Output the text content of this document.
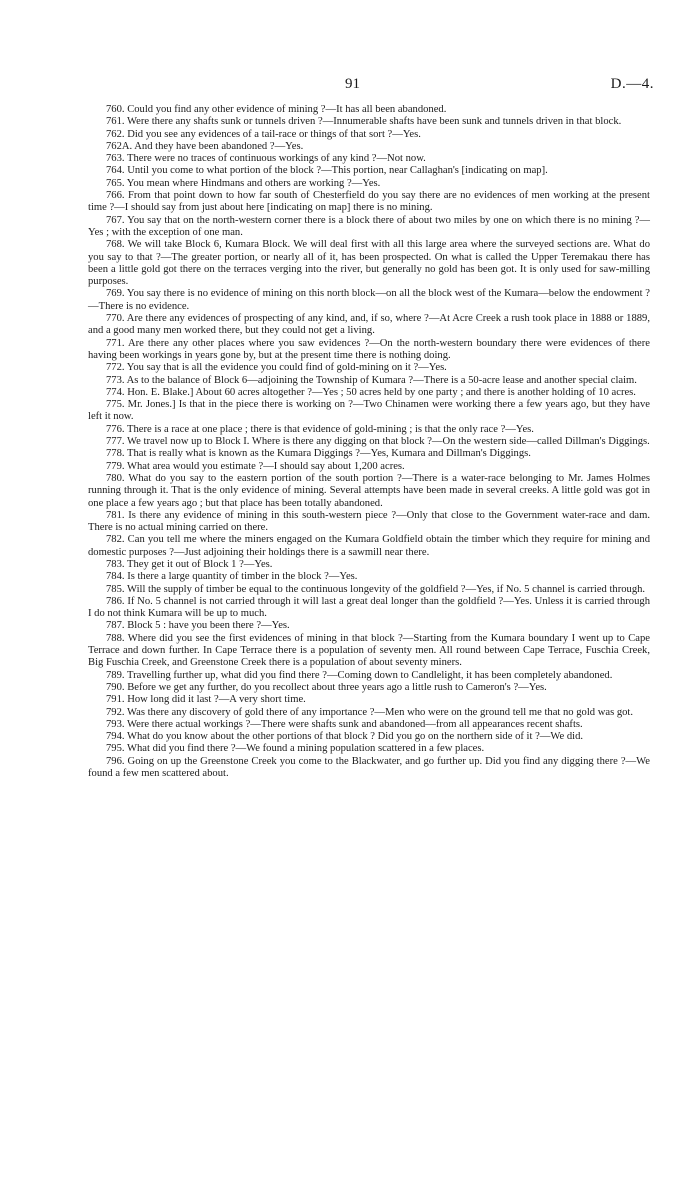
91	D.—4.

760. Could you find any other evidence of mining ?—It has all been abandoned.

761. Were there any shafts sunk or tunnels driven ?—Innumerable shafts have been sunk and tunnels driven in that block.

762. Did you see any evidences of a tail-race or things of that sort ?—Yes.

762A. And they have been abandoned ?—Yes.

763. There were no traces of continuous workings of any kind ?—Not now.

764. Until you come to what portion of the block ?—This portion, near Callaghan's [indicating on map].

765. You mean where Hindmans and others are working ?—Yes.

766. From that point down to how far south of Chesterfield do you say there are no evidences of men working at the present time ?—I should say from just about here [indicating on map] there is no mining.

767. You say that on the north-western corner there is a block there of about two miles by one on which there is no mining ?—Yes ; with the exception of one man.

768. We will take Block 6, Kumara Block. We will deal first with all this large area where the surveyed sections are. What do you say to that ?—The greater portion, or nearly all of it, has been prospected. On what is called the Upper Teremakau there has been a little gold got there on the terraces verging into the river, but generally no gold has been got. It is only used for saw-milling purposes.

769. You say there is no evidence of mining on this north block—on all the block west of the Kumara—below the endowment ?—There is no evidence.

770. Are there any evidences of prospecting of any kind, and, if so, where ?—At Acre Creek a rush took place in 1888 or 1889, and a good many men worked there, but they could not get a living.

771. Are there any other places where you saw evidences ?—On the north-western boundary there were evidences of there having been workings in years gone by, but at the present time there is nothing doing.

772. You say that is all the evidence you could find of gold-mining on it ?—Yes.

773. As to the balance of Block 6—adjoining the Township of Kumara ?—There is a 50-acre lease and another special claim.

774. Hon. E. Blake.] About 60 acres altogether ?—Yes ; 50 acres held by one party ; and there is another holding of 10 acres.

775. Mr. Jones.] Is that in the piece there is working on ?—Two Chinamen were working there a few years ago, but they have left it now.

776. There is a race at one place ; there is that evidence of gold-mining ; is that the only race ?—Yes.

777. We travel now up to Block I. Where is there any digging on that block ?—On the western side—called Dillman's Diggings.

778. That is really what is known as the Kumara Diggings ?—Yes, Kumara and Dillman's Diggings.

779. What area would you estimate ?—I should say about 1,200 acres.

780. What do you say to the eastern portion of the south portion ?—There is a water-race belonging to Mr. James Holmes running through it. That is the only evidence of mining. Several attempts have been made in several creeks. A little gold was got in one place a few years ago ; but that place has been totally abandoned.

781. Is there any evidence of mining in this south-western piece ?—Only that close to the Government water-race and dam. There is no actual mining carried on there.

782. Can you tell me where the miners engaged on the Kumara Goldfield obtain the timber which they require for mining and domestic purposes ?—Just adjoining their holdings there is a sawmill near there.

783. They get it out of Block 1 ?—Yes.

784. Is there a large quantity of timber in the block ?—Yes.

785. Will the supply of timber be equal to the continuous longevity of the goldfield ?—Yes, if No. 5 channel is carried through.

786. If No. 5 channel is not carried through it will last a great deal longer than the goldfield ?—Yes. Unless it is carried through I do not think Kumara will be up to much.

787. Block 5 : have you been there ?—Yes.

788. Where did you see the first evidences of mining in that block ?—Starting from the Kumara boundary I went up to Cape Terrace and down further. In Cape Terrace there is a population of seventy men. All round between Cape Terrace, Fuschia Creek, Big Fuschia Creek, and Greenstone Creek there is a population of about seventy miners.

789. Travelling further up, what did you find there ?—Coming down to Candlelight, it has been completely abandoned.

790. Before we get any further, do you recollect about three years ago a little rush to Cameron's ?—Yes.

791. How long did it last ?—A very short time.

792. Was there any discovery of gold there of any importance ?—Men who were on the ground tell me that no gold was got.

793. Were there actual workings ?—There were shafts sunk and abandoned—from all appearances recent shafts.

794. What do you know about the other portions of that block ? Did you go on the northern side of it ?—We did.

795. What did you find there ?—We found a mining population scattered in a few places.

796. Going on up the Greenstone Creek you come to the Blackwater, and go further up. Did you find any digging there ?—We found a few men scattered about.
